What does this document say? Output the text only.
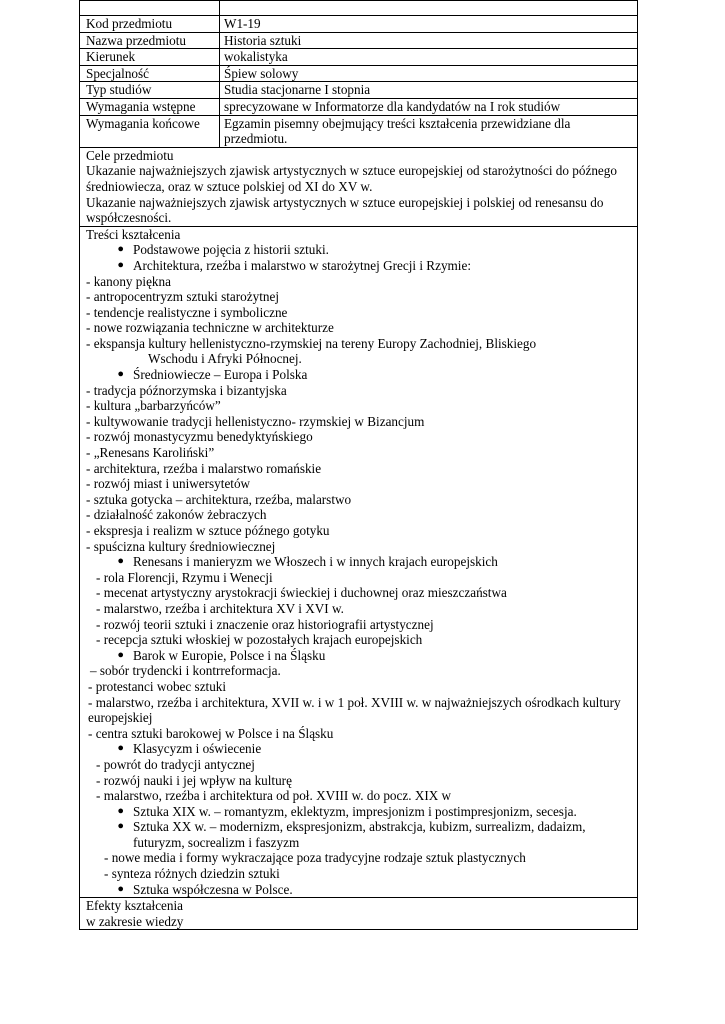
Kod przedmiotu	W1-19
Nazwa przedmiotu	Historia sztuki
Kierunek	wokalistyka
Specjalność	Śpiew solowy
Typ studiów	Studia stacjonarne I stopnia
Wymagania wstępne	sprecyzowane w Informatorze dla kandydatów na I rok studiów
Wymagania końcowe	Egzamin pisemny obejmujący treści kształcenia przewidziane dla przedmiotu.
Cele przedmiotu
Ukazanie najważniejszych zjawisk artystycznych w sztuce europejskiej od starożytności do późnego średniowiecza, oraz w sztuce polskiej od XI do XV w.
Ukazanie najważniejszych zjawisk artystycznych w sztuce europejskiej i polskiej od renesansu do współczesności.
Treści kształcenia
● Podstawowe pojęcia z historii sztuki.
● Architektura, rzeźba i malarstwo w starożytnej Grecji i Rzymie:
- kanony piękna
- antropocentryzm sztuki starożytnej
- tendencje realistyczne i symboliczne
- nowe rozwiązania techniczne w architekturze
- ekspansja kultury hellenistyczno-rzymskiej na tereny Europy Zachodniej, Bliskiego
Wschodu i Afryki Północnej.
● Średniowiecze – Europa i Polska
- tradycja późnorzymska i bizantyjska
- kultura „barbarzyńców”
- kultywowanie tradycji hellenistyczno- rzymskiej w Bizancjum
- rozwój monastycyzmu benedyktyńskiego
- „Renesans Karoliński”
- architektura, rzeźba i malarstwo romańskie
- rozwój miast i uniwersytetów
- sztuka gotycka – architektura, rzeźba, malarstwo
- działalność zakonów żebraczych
- ekspresja i realizm w sztuce późnego gotyku
- spuścizna kultury średniowiecznej
● Renesans i manieryzm we Włoszech i w innych krajach europejskich
- rola Florencji, Rzymu i Wenecji
- mecenat artystyczny arystokracji świeckiej i duchownej oraz mieszczaństwa
- malarstwo, rzeźba i architektura XV i XVI w.
- rozwój teorii sztuki i znaczenie oraz historiografii artystycznej
- recepcja sztuki włoskiej w pozostałych krajach europejskich
● Barok w Europie, Polsce i na Śląsku
– sobór trydencki i kontrreformacja.
- protestanci wobec sztuki
- malarstwo, rzeźba i architektura, XVII w. i w 1 poł. XVIII w. w najważniejszych ośrodkach kultury europejskiej
- centra sztuki barokowej w Polsce i na Śląsku
● Klasycyzm i oświecenie
- powrót do tradycji antycznej
- rozwój nauki i jej wpływ na kulturę
- malarstwo, rzeźba i architektura od poł. XVIII w. do pocz. XIX w
● Sztuka XIX w. – romantyzm, eklektyzm, impresjonizm i postimpresjonizm, secesja.
● Sztuka XX w. – modernizm, ekspresjonizm, abstrakcja, kubizm, surrealizm, dadaizm,
futuryzm, socrealizm i faszyzm
- nowe media i formy wykraczające poza tradycyjne rodzaje sztuk plastycznych
- synteza różnych dziedzin sztuki
● Sztuka współczesna w Polsce.
Efekty kształcenia
w zakresie wiedzy
